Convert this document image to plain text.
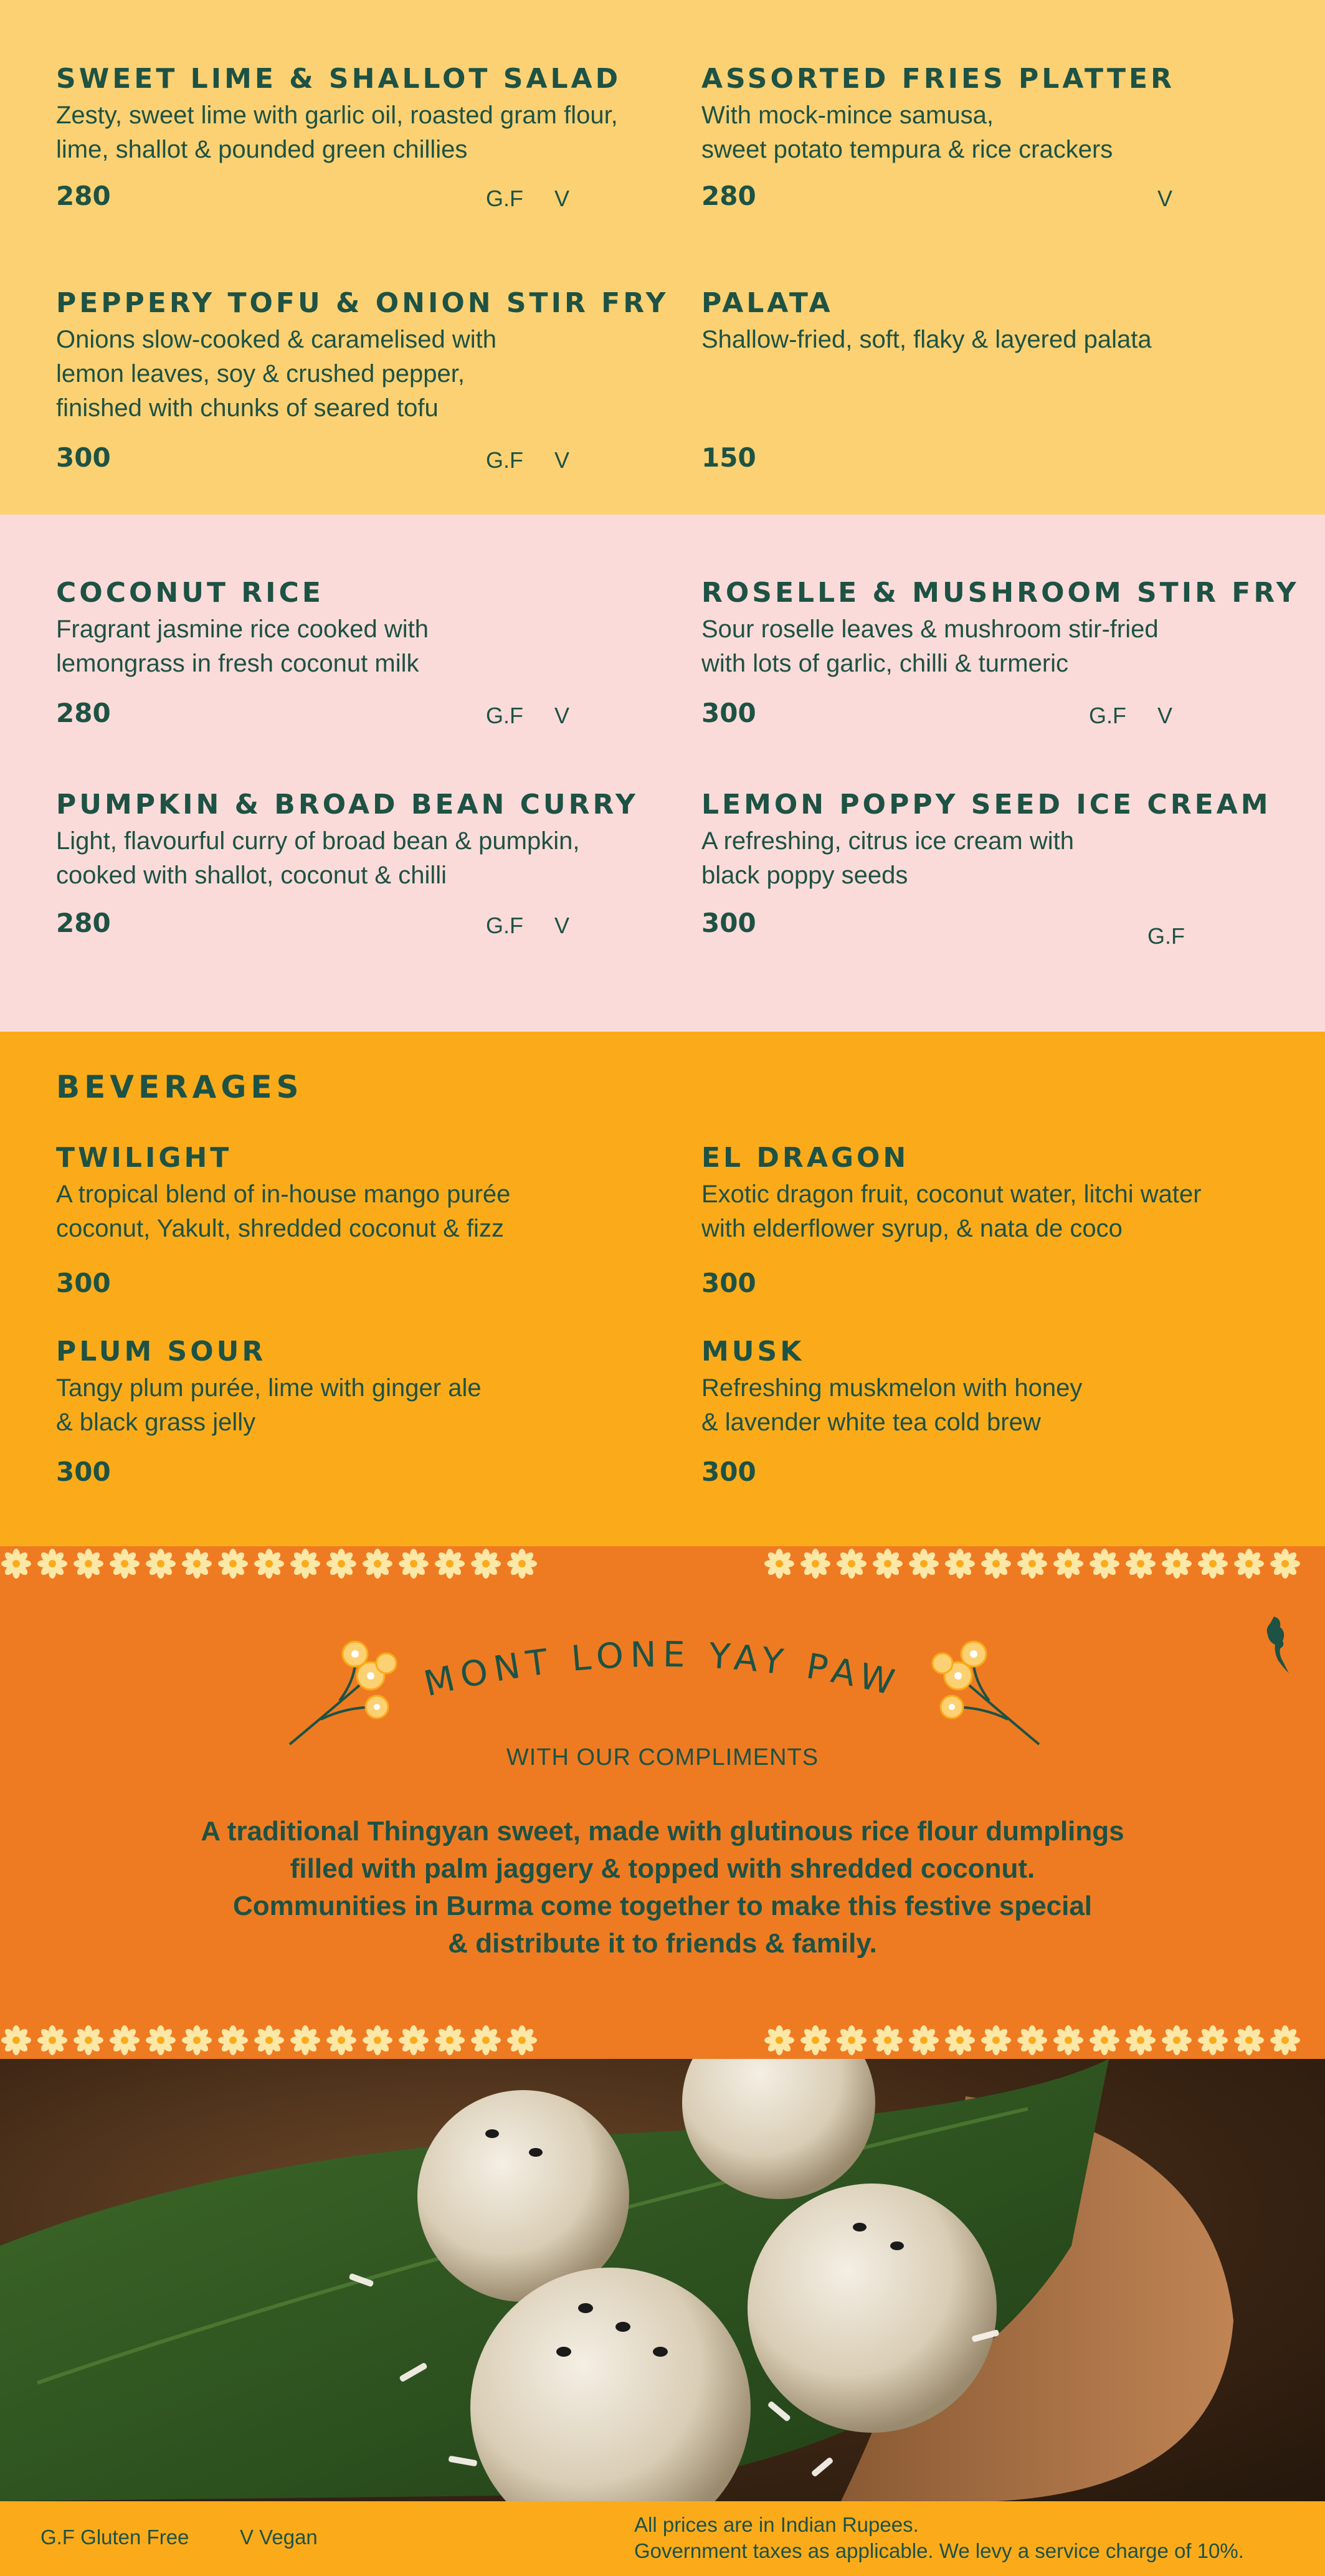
SWEET LIME & SHALLOT SALAD
Zesty, sweet lime with garlic oil, roasted gram flour,
lime, shallot & pounded green chillies
280	G.F V
ASSORTED FRIES PLATTER
With mock-mince samusa,
sweet potato tempura & rice crackers
280	V
PEPPERY TOFU & ONION STIR FRY
Onions slow-cooked & caramelised with
lemon leaves, soy & crushed pepper,
finished with chunks of seared tofu
300	G.F V
PALATA
Shallow-fried, soft, flaky & layered palata
150
COCONUT RICE
Fragrant jasmine rice cooked with
lemongrass in fresh coconut milk
280	G.F V
ROSELLE & MUSHROOM STIR FRY
Sour roselle leaves & mushroom stir-fried
with lots of garlic, chilli & turmeric
300	G.F V
PUMPKIN & BROAD BEAN CURRY
Light, flavourful curry of broad bean & pumpkin,
cooked with shallot, coconut & chilli
280	G.F V
LEMON POPPY SEED ICE CREAM
A refreshing, citrus ice cream with
black poppy seeds
300	G.F
BEVERAGES
TWILIGHT
A tropical blend of in-house mango purée
coconut, Yakult, shredded coconut & fizz
300
EL DRAGON
Exotic dragon fruit, coconut water, litchi water
with elderflower syrup, & nata de coco
300
PLUM SOUR
Tangy plum purée, lime with ginger ale
& black grass jelly
300
MUSK
Refreshing muskmelon with honey
& lavender white tea cold brew
300
MONT LONE YAY PAW
WITH OUR COMPLIMENTS
A traditional Thingyan sweet, made with glutinous rice flour dumplings
filled with palm jaggery & topped with shredded coconut.
Communities in Burma come together to make this festive special
& distribute it to friends & family.
G.F Gluten Free V Vegan
All prices are in Indian Rupees.
Government taxes as applicable. We levy a service charge of 10%.
